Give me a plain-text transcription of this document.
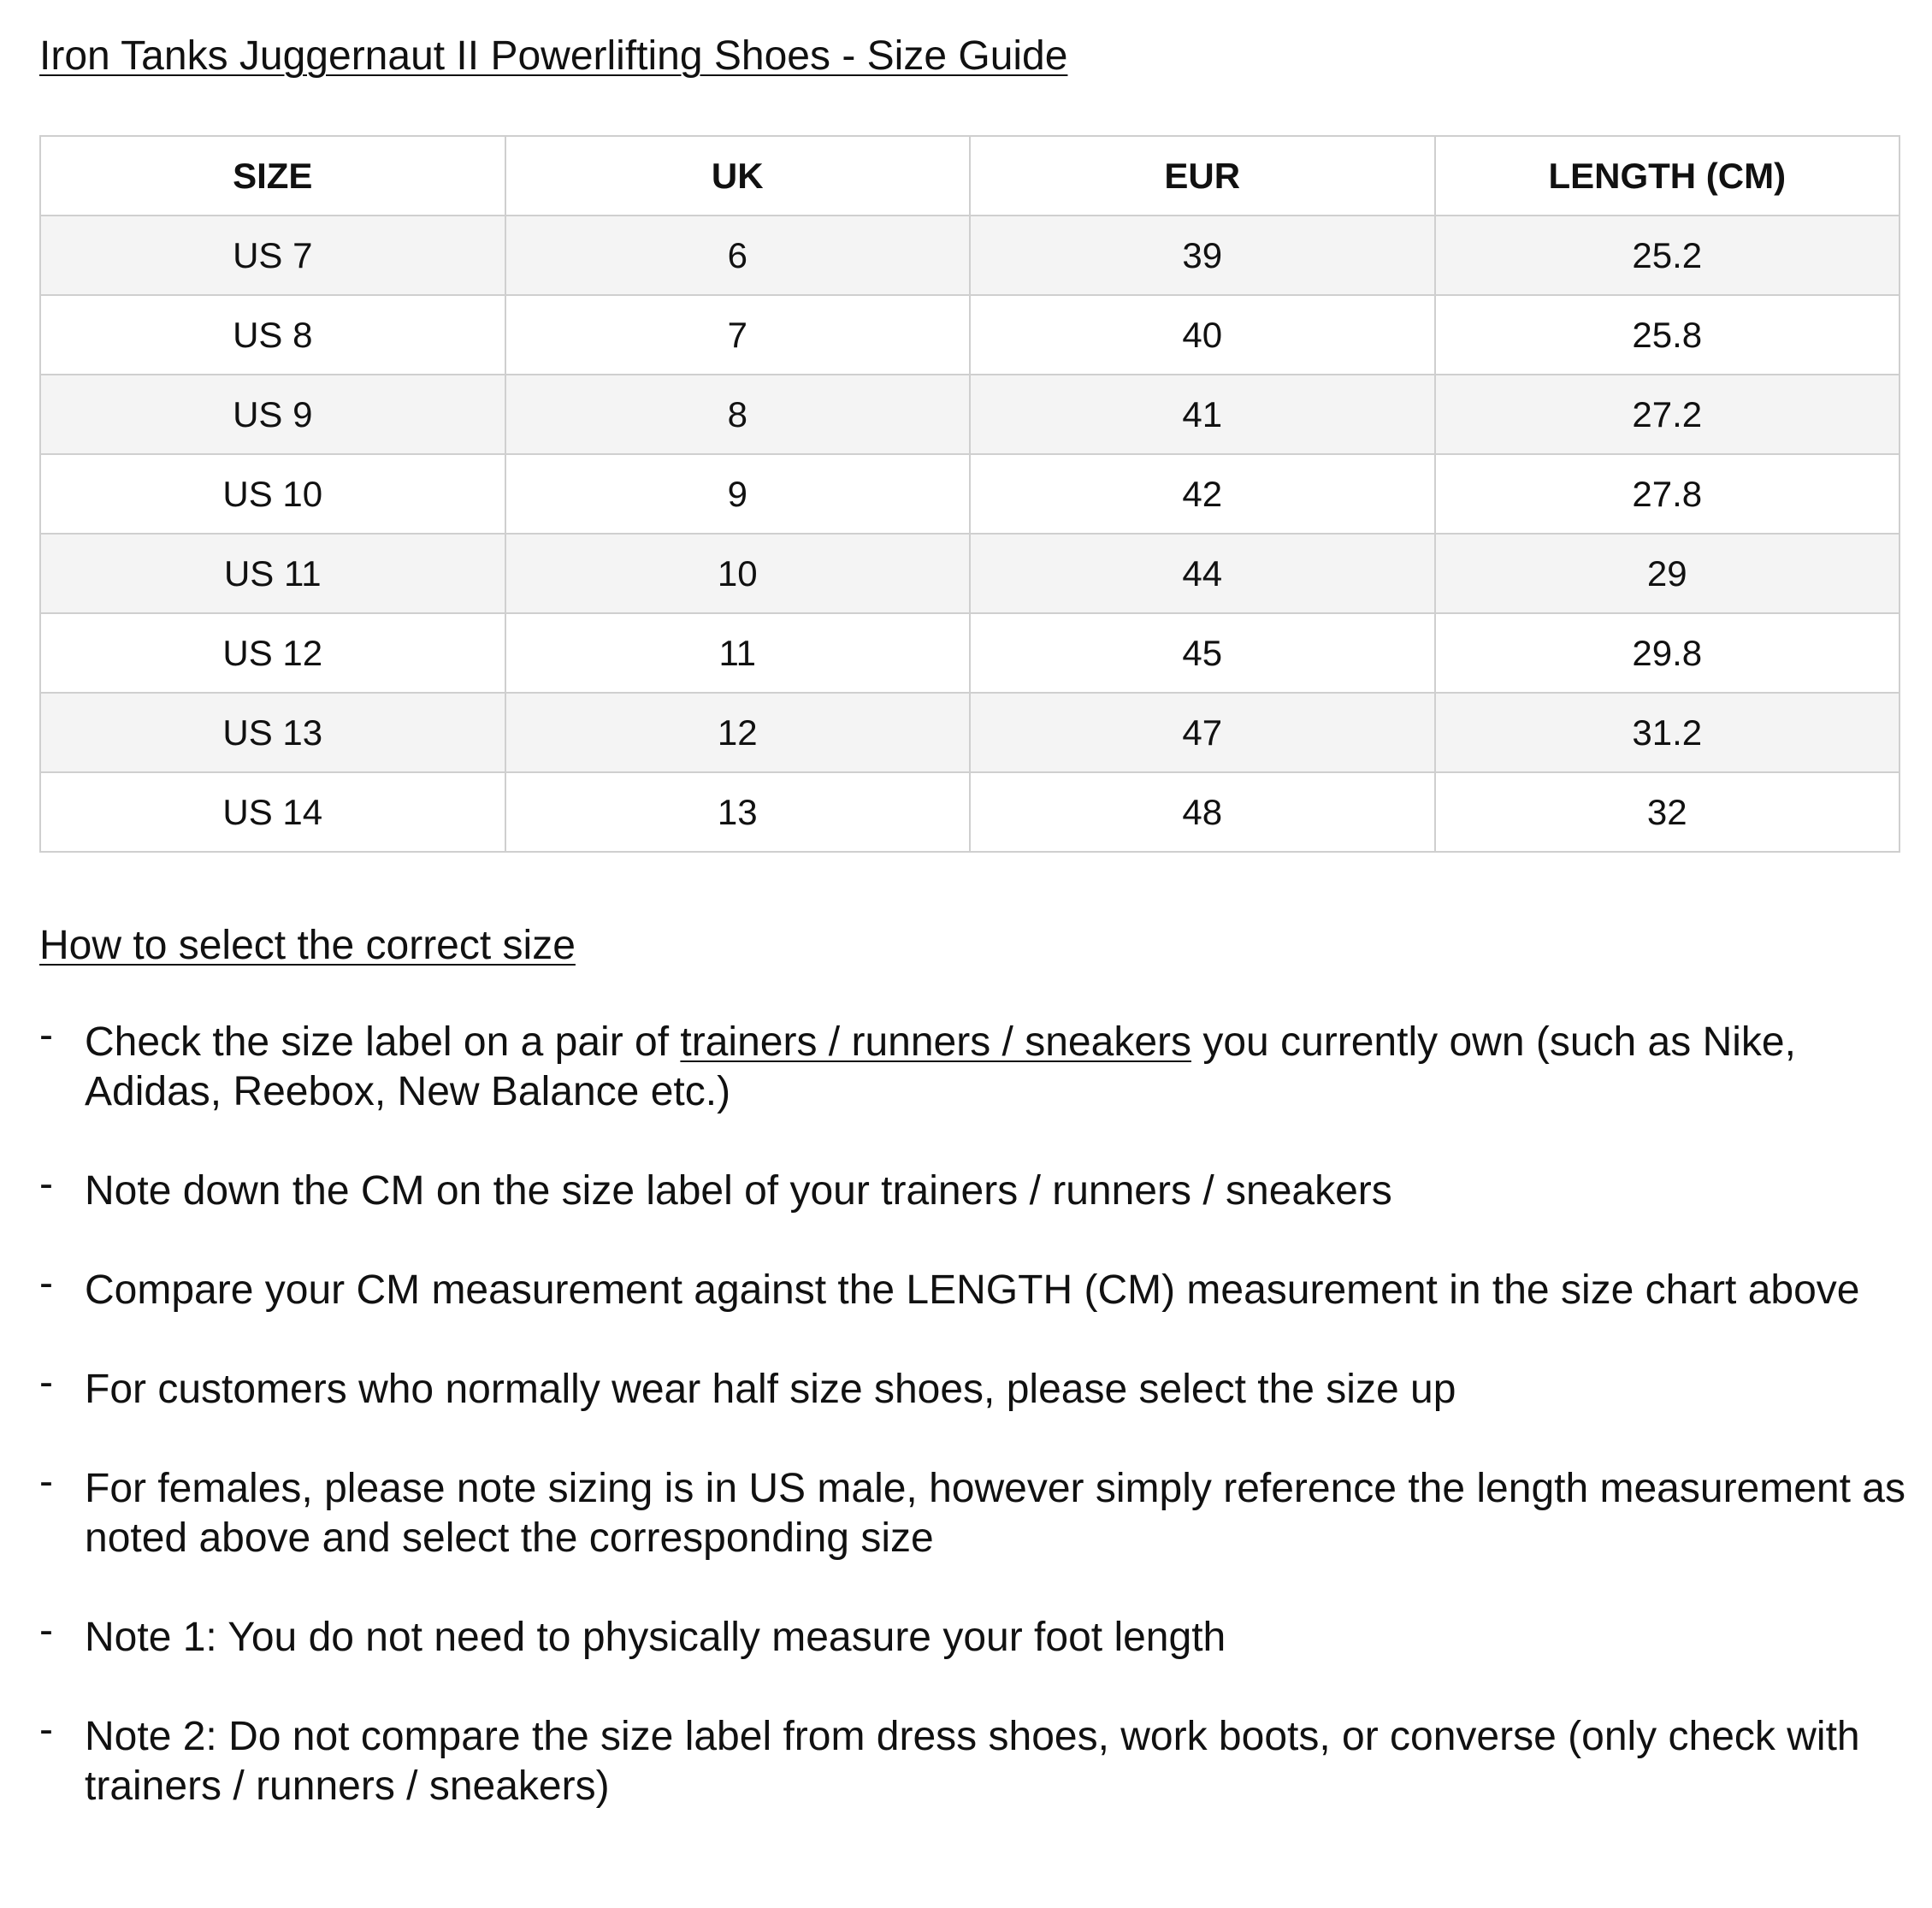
Iron Tanks Juggernaut II Powerlifting Shoes - Size Guide
SIZE	UK	EUR	LENGTH (CM)
US 7	6	39	25.2
US 8	7	40	25.8
US 9	8	41	27.2
US 10	9	42	27.8
US 11	10	44	29
US 12	11	45	29.8
US 13	12	47	31.2
US 14	13	48	32
How to select the correct size
- Check the size label on a pair of trainers / runners / sneakers you currently own (such as Nike, Adidas, Reebox, New Balance etc.)
- Note down the CM on the size label of your trainers / runners / sneakers
- Compare your CM measurement against the LENGTH (CM) measurement in the size chart above
- For customers who normally wear half size shoes, please select the size up
- For females, please note sizing is in US male, however simply reference the length measurement as noted above and select the corresponding size
- Note 1: You do not need to physically measure your foot length
- Note 2: Do not compare the size label from dress shoes, work boots, or converse (only check with trainers / runners / sneakers)
